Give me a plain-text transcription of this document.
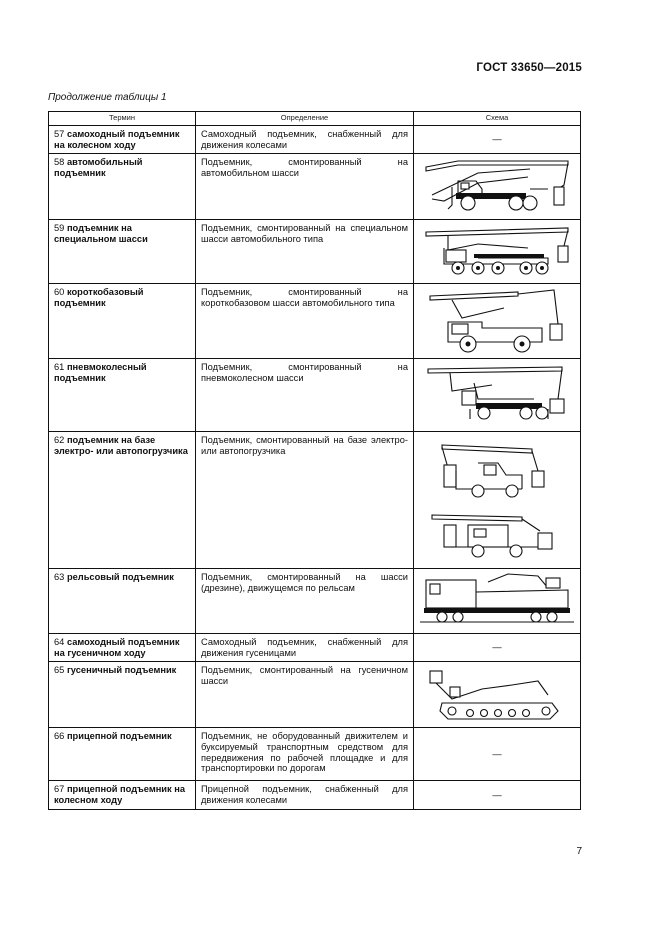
ГОСТ 33650—2015
Продолжение таблицы 1
Термин	Определение	Схема
57 самоходный подъемник на колесном ходу	Самоходный подъемник, снабженный для движения колесами	—
58 автомобильный подъемник	Подъемник, смонтированный на автомобильном шасси	

59 подъемник на специальном шасси	Подъемник, смонтированный на специальном шасси автомобильного типа	

60 короткобазовый подъемник	Подъемник, смонтированный на короткобазовом шасси автомобильного типа	

61 пневмоколесный подъемник	Подъемник, смонтированный на пневмоколесном шасси	

62 подъемник на базе электро- или автопогрузчика	Подъемник, смонтированный на базе электро- или автопогрузчика	

63 рельсовый подъемник	Подъемник, смонтированный на шасси (дрезине), движущемся по рельсам	

64 самоходный подъемник на гусеничном ходу	Самоходный подъемник, снабженный для движения гусеницами	—
65 гусеничный подъемник	Подъемник, смонтированный на гусеничном шасси	

66 прицепной подъемник	Подъемник, не оборудованный движителем и буксируемый транспортным средством для передвижения по рабочей площадке и для транспортировки по дорогам	—
67 прицепной подъемник на колесном ходу	Прицепной подъемник, снабженный для движения колесами	—
7
